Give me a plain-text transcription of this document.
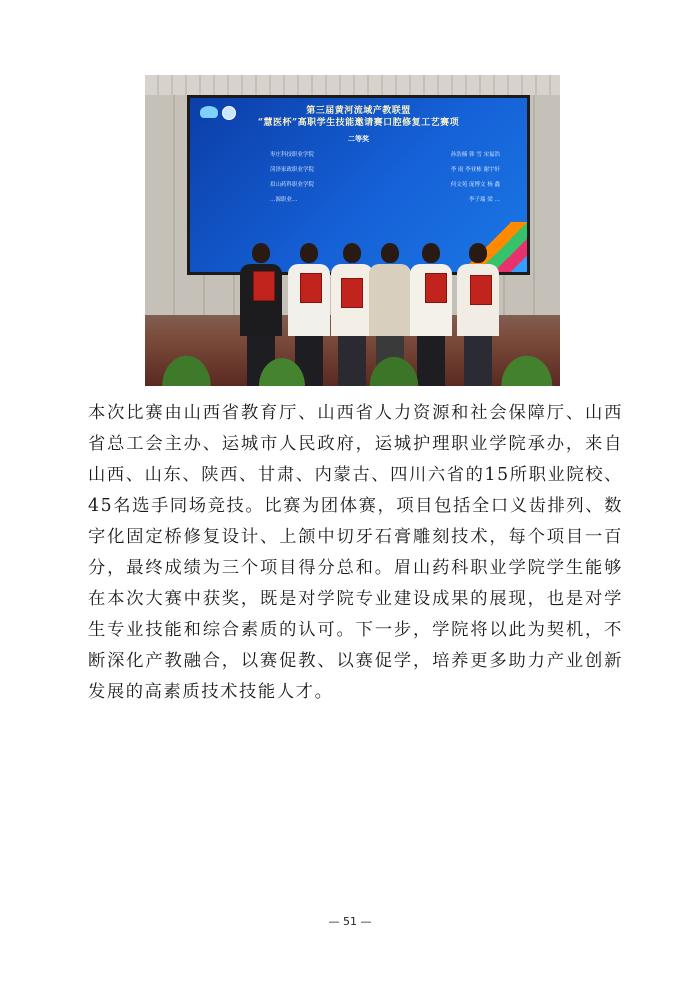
第三届黄河流域产教联盟
“慧医杯”高职学生技能邀请赛口腔修复工艺赛项
二等奖
枣庄科技职业学院	孙浩楠 韩 雪 宋福浩
菏泽家政职业学院	李 雨 李业栋 谢宇轩
眉山药科职业学院	何文苑 庞博文 杨 鑫
…源职业…	李子瑞 梁 …

本次比赛由山西省教育厅、山西省人力资源和社会保障厅、山西省总工会主办、运城市人民政府，运城护理职业学院承办，来自山西、山东、陕西、甘肃、内蒙古、四川六省的15所职业院校、45名选手同场竞技。比赛为团体赛，项目包括全口义齿排列、数字化固定桥修复设计、上颌中切牙石膏雕刻技术，每个项目一百分，最终成绩为三个项目得分总和。眉山药科职业学院学生能够在本次大赛中获奖，既是对学院专业建设成果的展现，也是对学生专业技能和综合素质的认可。下一步，学院将以此为契机，不断深化产教融合，以赛促教、以赛促学，培养更多助力产业创新发展的高素质技术技能人才。

— 51 —
